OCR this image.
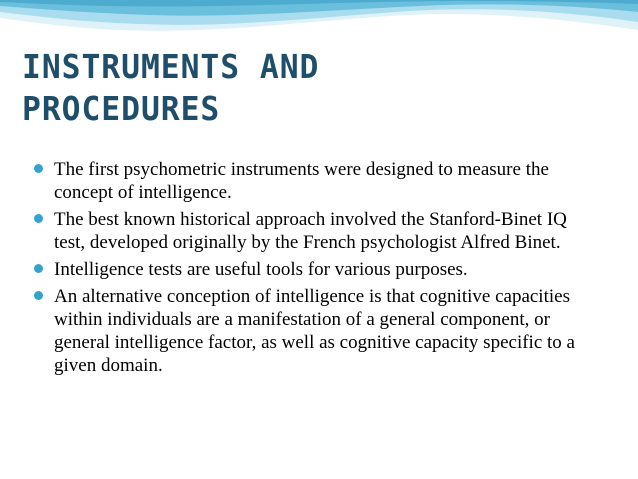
INSTRUMENTS AND
PROCEDURES
The first psychometric instruments were designed to measure the concept of intelligence.
The best known historical approach involved the Stanford-Binet IQ test, developed originally by the French psychologist Alfred Binet.
Intelligence tests are useful tools for various purposes.
An alternative conception of intelligence is that cognitive capacities within individuals are a manifestation of a general component, or general intelligence factor, as well as cognitive capacity specific to a given domain.
